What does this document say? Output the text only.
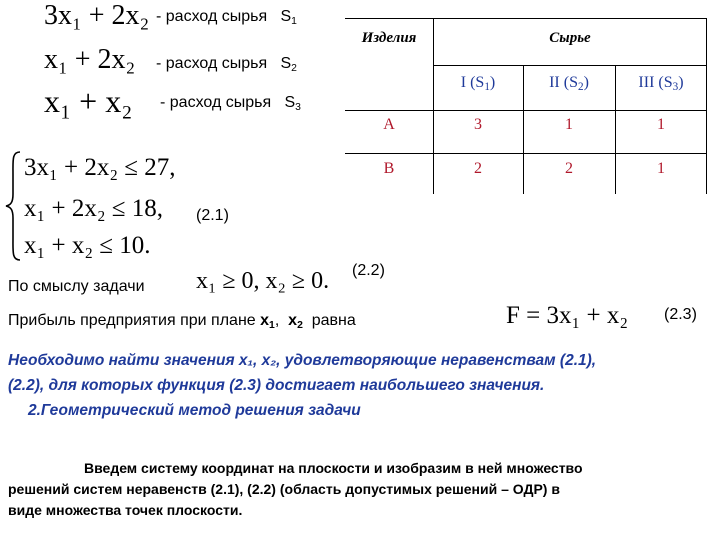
3x₁ + 2x₂ - расход сырья $S_1$
x₁ + 2x₂ - расход сырья $S_2$
x₁ + x₂ - расход сырья $S_3$
Изделия	Сырье
I $(S_1)$	II $(S_2)$	III $(S_3)$
A	3	1	1
B	2	2	1
3x₁ + 2x₂ ≤ 27,
x₁ + 2x₂ ≤ 18,
x₁ + x₂ ≤ 10.
(2.1)
По смыслу задачи x₁ ≥ 0, x₂ ≥ 0. (2.2)
Прибыль предприятия при плане $x_1$, $x_2$ равна	F = 3x₁ + x₂ (2.3)
Необходимо найти значения x₁, x₂, удовлетворяющие неравенствам (2.1),
(2.2), для которых функция (2.3) достигает наибольшего значения.
2.Геометрический метод решения задачи
Введем систему координат на плоскости и изобразим в ней множество
решений систем неравенств (2.1), (2.2) (область допустимых решений – ОДР) в
виде множества точек плоскости.
